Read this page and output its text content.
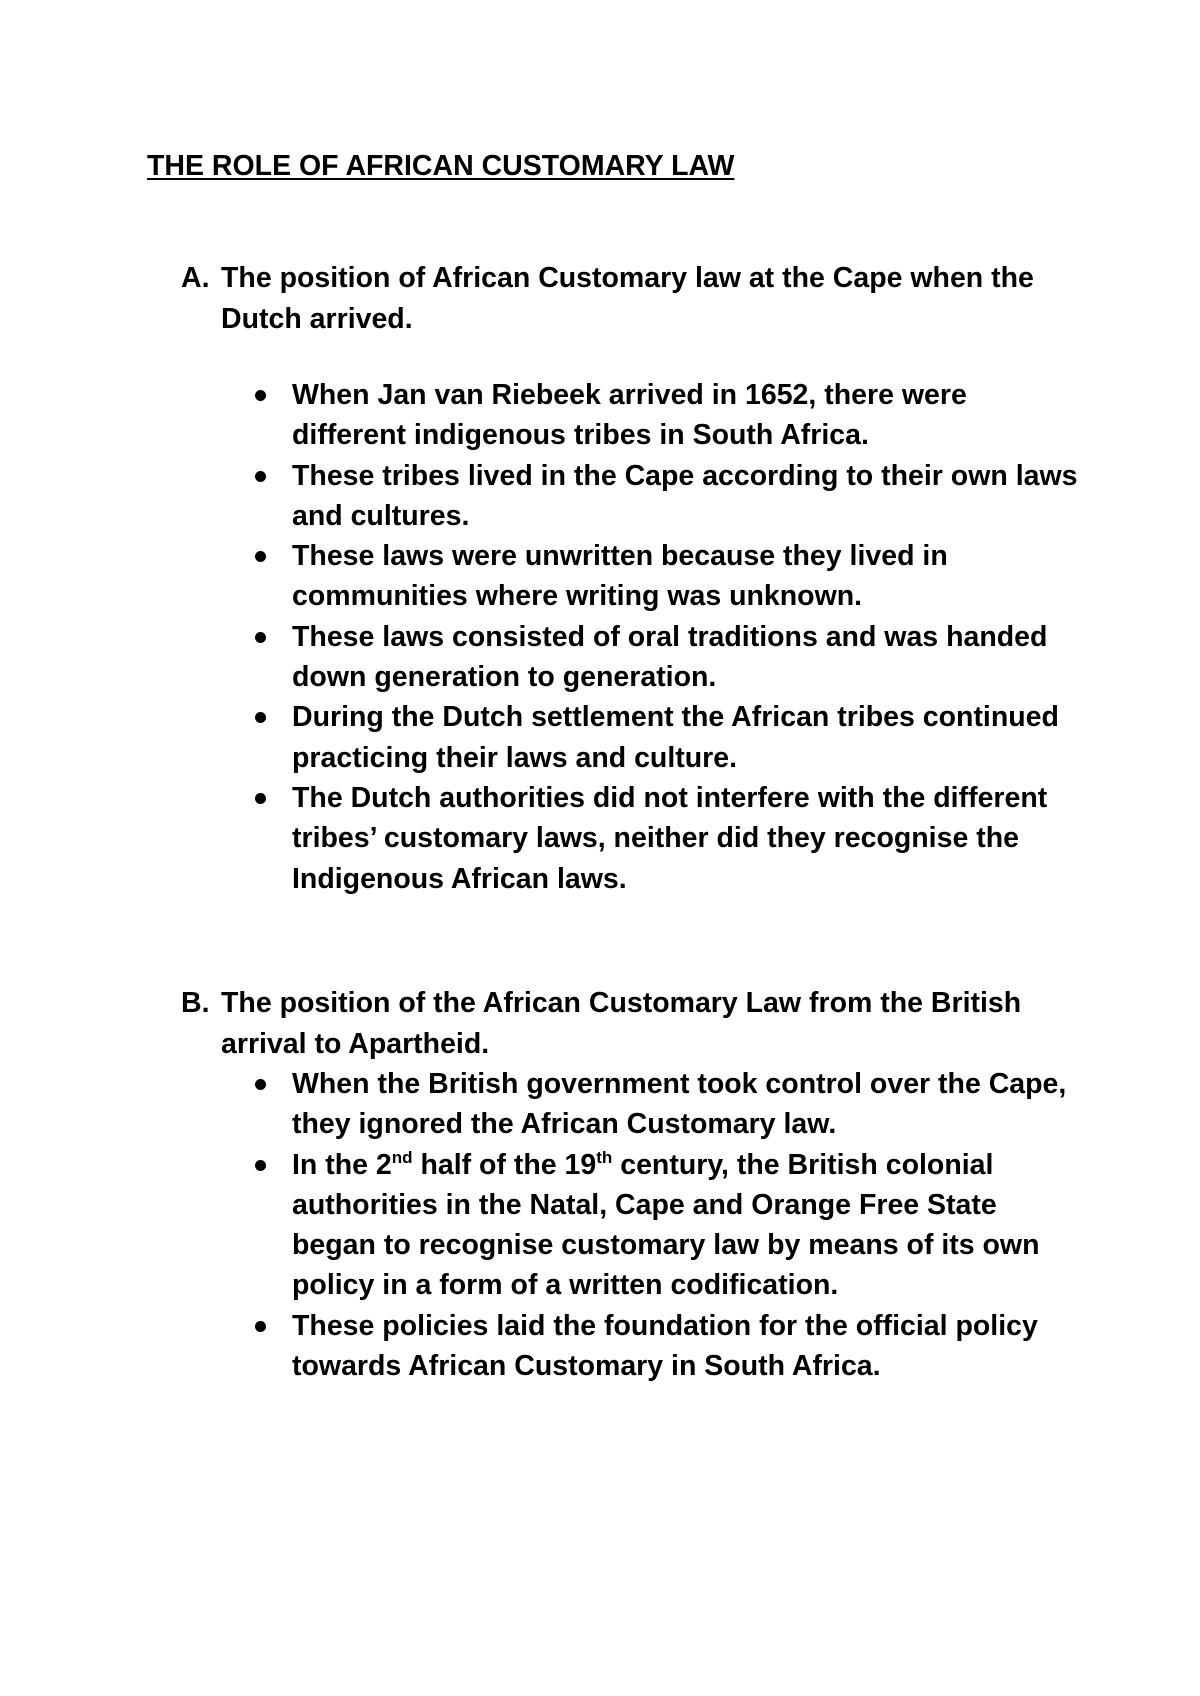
THE ROLE OF AFRICAN CUSTOMARY LAW

A. The position of African Customary law at the Cape when the Dutch arrived.

When Jan van Riebeek arrived in 1652, there were different indigenous tribes in South Africa.
These tribes lived in the Cape according to their own laws and cultures.
These laws were unwritten because they lived in communities where writing was unknown.
These laws consisted of oral traditions and was handed down generation to generation.
During the Dutch settlement the African tribes continued practicing their laws and culture.
The Dutch authorities did not interfere with the different tribes’ customary laws, neither did they recognise the Indigenous African laws.

B. The position of the African Customary Law from the British arrival to Apartheid.

When the British government took control over the Cape, they ignored the African Customary law.
In the 2nd half of the 19th century, the British colonial authorities in the Natal, Cape and Orange Free State began to recognise customary law by means of its own policy in a form of a written codification.
These policies laid the foundation for the official policy towards African Customary in South Africa.
